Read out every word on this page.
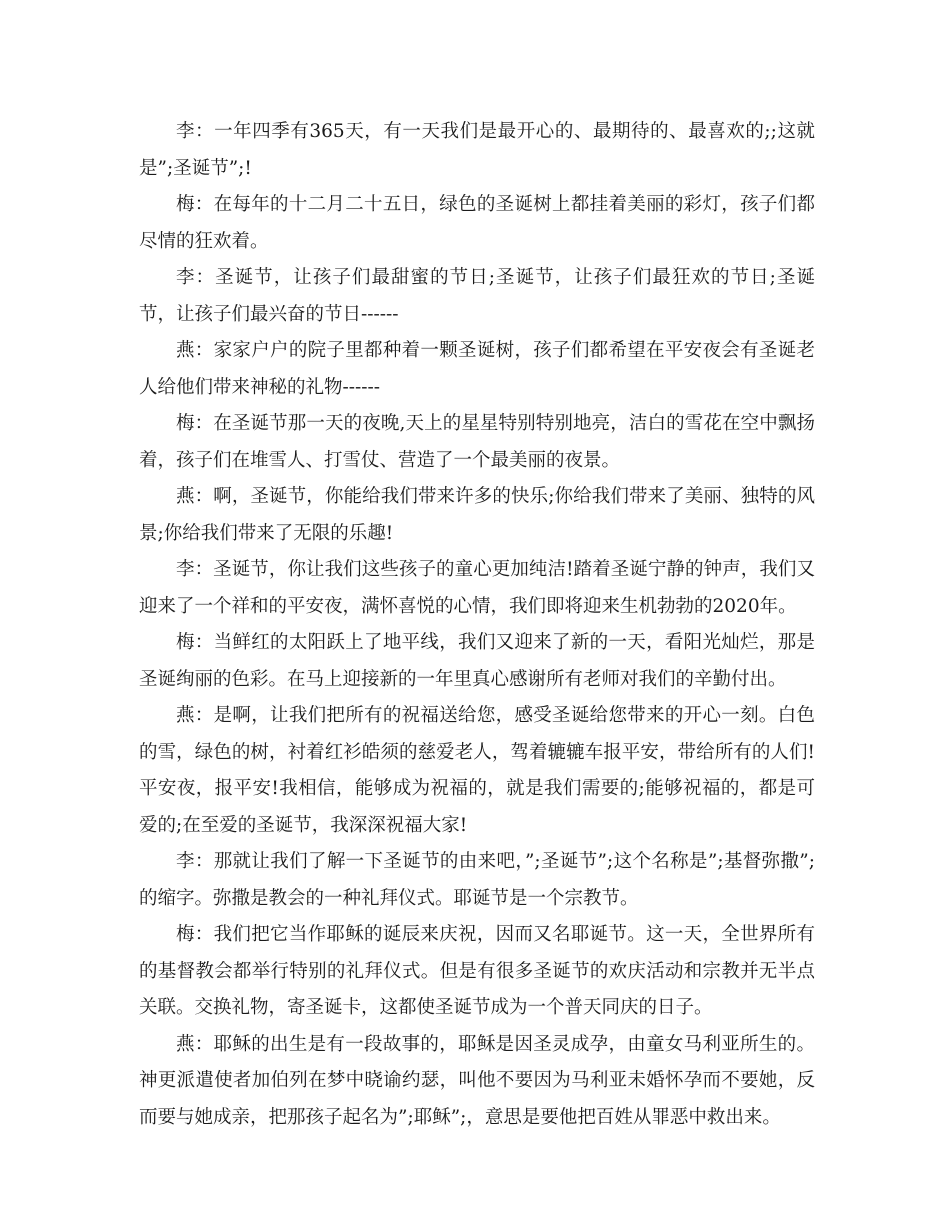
李：一年四季有365天，有一天我们是最开心的、最期待的、最喜欢的;;这就是”;圣诞节”;!

梅：在每年的十二月二十五日，绿色的圣诞树上都挂着美丽的彩灯，孩子们都尽情的狂欢着。

李：圣诞节，让孩子们最甜蜜的节日;圣诞节，让孩子们最狂欢的节日;圣诞节，让孩子们最兴奋的节日------

燕：家家户户的院子里都种着一颗圣诞树，孩子们都希望在平安夜会有圣诞老人给他们带来神秘的礼物------

梅：在圣诞节那一天的夜晚,天上的星星特别特别地亮，洁白的雪花在空中飘扬着，孩子们在堆雪人、打雪仗、营造了一个最美丽的夜景。

燕：啊，圣诞节，你能给我们带来许多的快乐;你给我们带来了美丽、独特的风景;你给我们带来了无限的乐趣!

李：圣诞节，你让我们这些孩子的童心更加纯洁!踏着圣诞宁静的钟声，我们又迎来了一个祥和的平安夜，满怀喜悦的心情，我们即将迎来生机勃勃的2020年。

梅：当鲜红的太阳跃上了地平线，我们又迎来了新的一天，看阳光灿烂，那是圣诞绚丽的色彩。在马上迎接新的一年里真心感谢所有老师对我们的辛勤付出。

燕：是啊，让我们把所有的祝福送给您，感受圣诞给您带来的开心一刻。白色的雪，绿色的树，衬着红衫皓须的慈爱老人，驾着辘辘车报平安，带给所有的人们!平安夜，报平安!我相信，能够成为祝福的，就是我们需要的;能够祝福的，都是可爱的;在至爱的圣诞节，我深深祝福大家!

李：那就让我们了解一下圣诞节的由来吧，”;圣诞节”;这个名称是”;基督弥撒”;的缩字。弥撒是教会的一种礼拜仪式。耶诞节是一个宗教节。

梅：我们把它当作耶稣的诞辰来庆祝，因而又名耶诞节。这一天，全世界所有的基督教会都举行特别的礼拜仪式。但是有很多圣诞节的欢庆活动和宗教并无半点关联。交换礼物，寄圣诞卡，这都使圣诞节成为一个普天同庆的日子。

燕：耶稣的出生是有一段故事的，耶稣是因圣灵成孕，由童女马利亚所生的。神更派遣使者加伯列在梦中晓谕约瑟，叫他不要因为马利亚未婚怀孕而不要她，反而要与她成亲，把那孩子起名为”;耶稣”;，意思是要他把百姓从罪恶中救出来。
